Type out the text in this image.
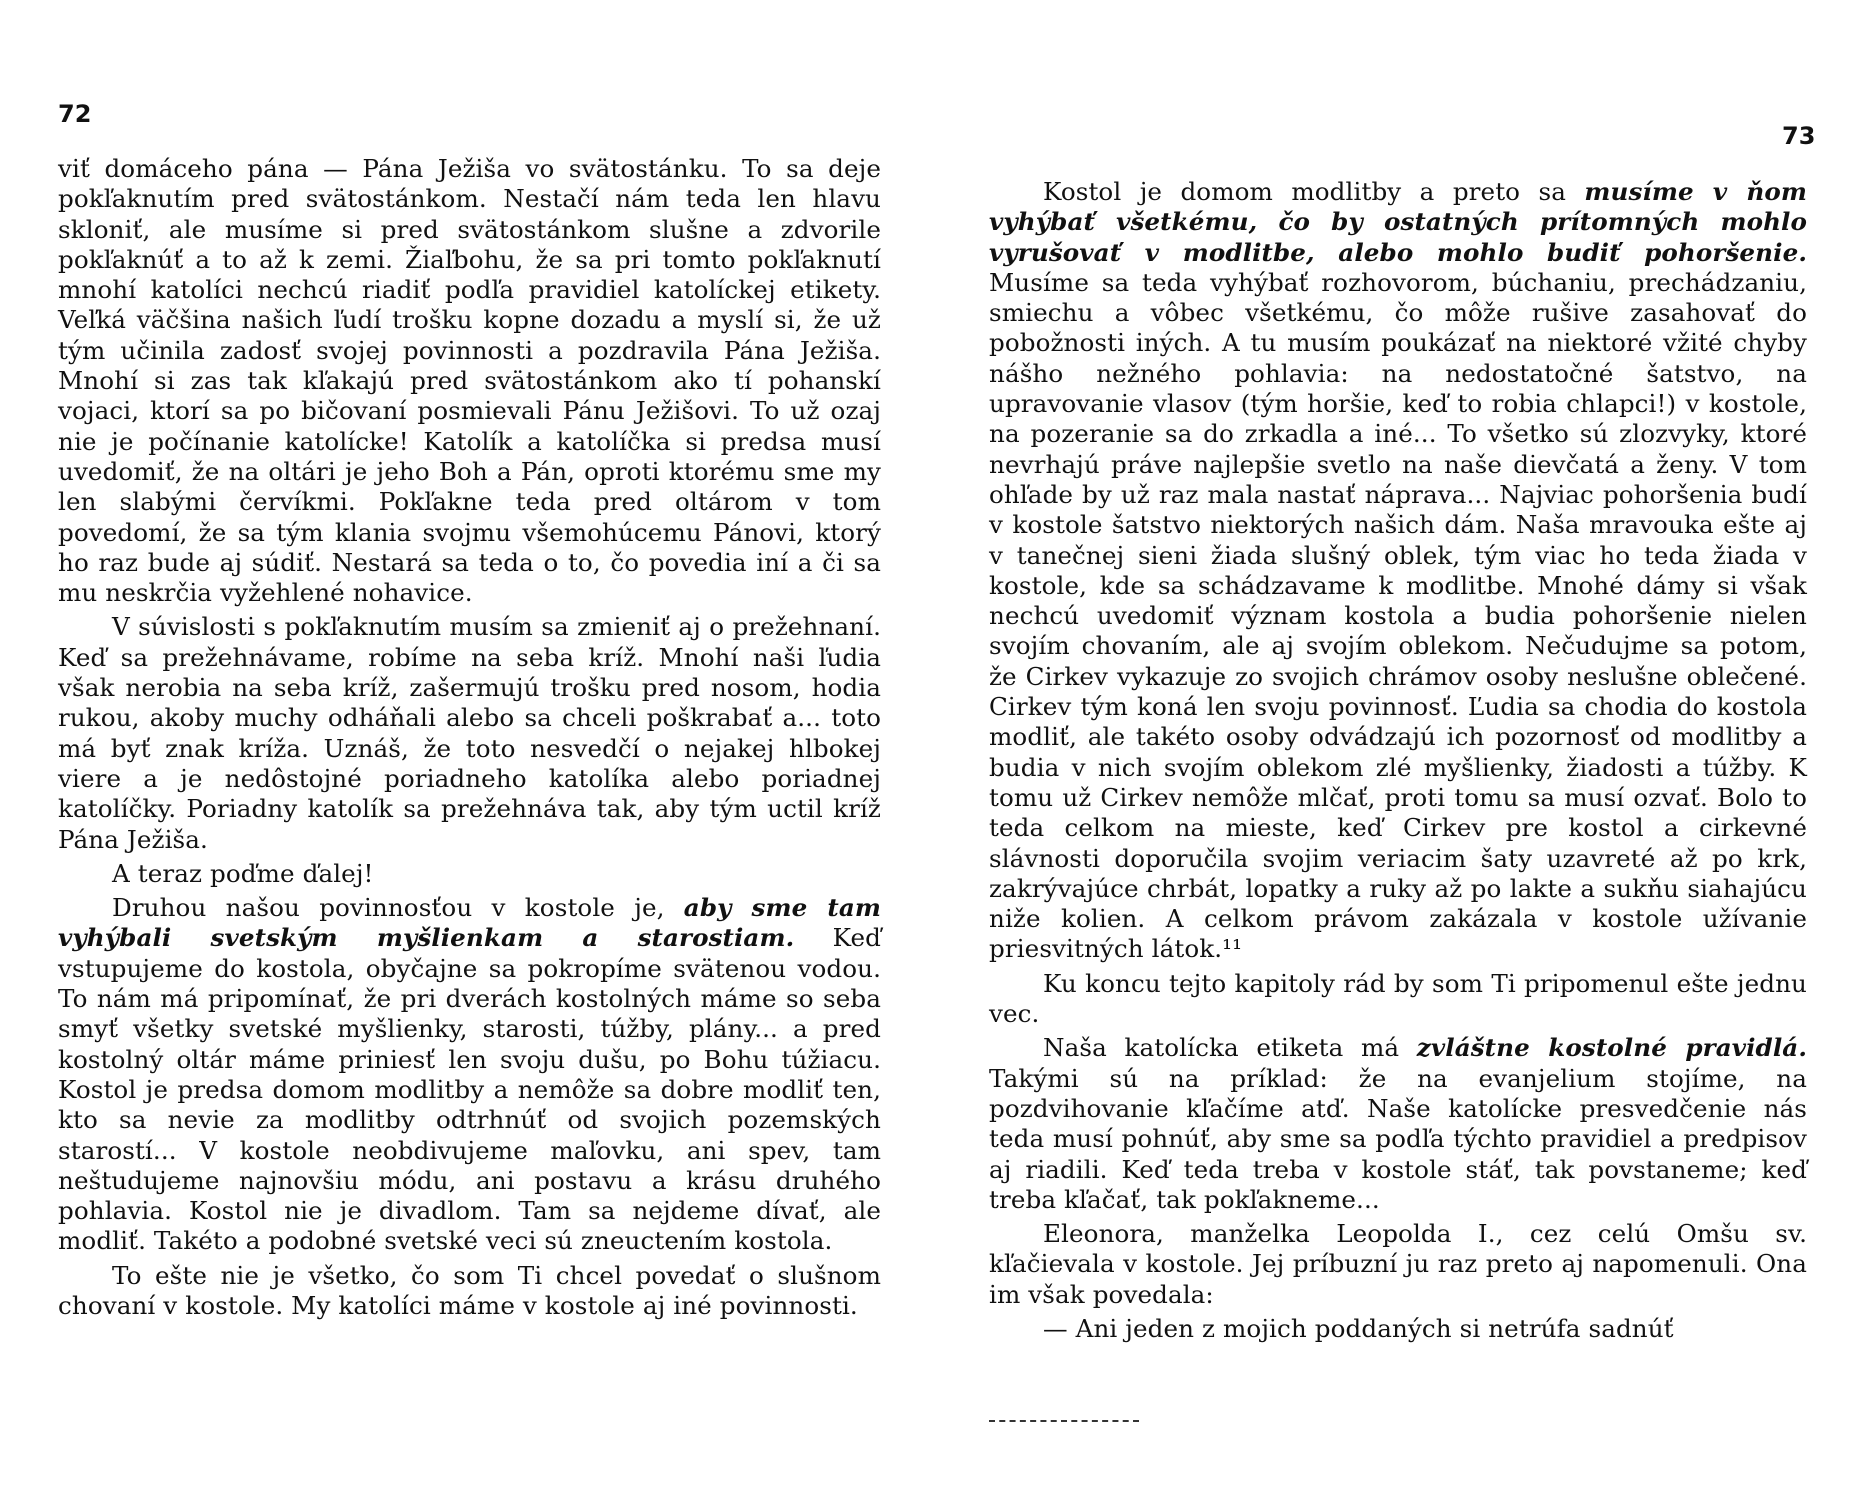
72

viť domáceho pána — Pána Ježiša vo svätostánku. To sa deje pokľaknutím pred svätostánkom. Nestačí nám teda len hlavu skloniť, ale musíme si pred svätostánkom slušne a zdvorile pokľaknúť a to až k zemi. Žiaľbohu, že sa pri tomto pokľaknutí mnohí katolíci nechcú riadiť podľa pravidiel katolíckej etikety. Veľká väčšina našich ľudí trošku kopne dozadu a myslí si, že už tým učinila zadosť svojej povinnosti a pozdravila Pána Ježiša. Mnohí si zas tak kľakajú pred svätostánkom ako tí pohanskí vojaci, ktorí sa po bičovaní posmievali Pánu Ježišovi. To už ozaj nie je počínanie katolícke! Katolík a katolíčka si predsa musí uvedomiť, že na oltári je jeho Boh a Pán, oproti ktorému sme my len slabými červíkmi. Pokľakne teda pred oltárom v tom povedomí, že sa tým klania svojmu všemohúcemu Pánovi, ktorý ho raz bude aj súdiť. Nestará sa teda o to, čo povedia iní a či sa mu neskrčia vyžehlené nohavice.

V súvislosti s pokľaknutím musím sa zmieniť aj o prežehnaní. Keď sa prežehnávame, robíme na seba kríž. Mnohí naši ľudia však nerobia na seba kríž, zašermujú trošku pred nosom, hodia rukou, akoby muchy odháňali alebo sa chceli poškrabať a... toto má byť znak kríža. Uznáš, že toto nesvedčí o nejakej hlbokej viere a je nedôstojné poriadneho katolíka alebo poriadnej katolíčky. Poriadny katolík sa prežehnáva tak, aby tým uctil kríž Pána Ježiša.

A teraz poďme ďalej!

Druhou našou povinnosťou v kostole je, aby sme tam vyhýbali svetským myšlienkam a starostiam. Keď vstupujeme do kostola, obyčajne sa pokropíme svätenou vodou. To nám má pripomínať, že pri dverách kostolných máme so seba smyť všetky svetské myšlienky, starosti, túžby, plány... a pred kostolný oltár máme priniesť len svoju dušu, po Bohu túžiacu. Kostol je predsa domom modlitby a nemôže sa dobre modliť ten, kto sa nevie za modlitby odtrhnúť od svojich pozemských starostí... V kostole neobdivujeme maľovku, ani spev, tam neštudujeme najnovšiu módu, ani postavu a krásu druhého pohlavia. Kostol nie je divadlom. Tam sa nejdeme dívať, ale modliť. Takéto a podobné svetské veci sú zneuctením kostola.

To ešte nie je všetko, čo som Ti chcel povedať o slušnom chovaní v kostole. My katolíci máme v kostole aj iné povinnosti.

73

Kostol je domom modlitby a preto sa musíme v ňom vyhýbať všetkému, čo by ostatných prítomných mohlo vyrušovať v modlitbe, alebo mohlo budiť pohoršenie. Musíme sa teda vyhýbať rozhovorom, búchaniu, prechádzaniu, smiechu a vôbec všetkému, čo môže rušive zasahovať do pobožnosti iných. A tu musím poukázať na niektoré vžité chyby nášho nežného pohlavia: na nedostatočné šatstvo, na upravovanie vlasov (tým horšie, keď to robia chlapci!) v kostole, na pozeranie sa do zrkadla a iné... To všetko sú zlozvyky, ktoré nevrhajú práve najlepšie svetlo na naše dievčatá a ženy. V tom ohľade by už raz mala nastať náprava... Najviac pohoršenia budí v kostole šatstvo niektorých našich dám. Naša mravouka ešte aj v tanečnej sieni žiada slušný oblek, tým viac ho teda žiada v kostole, kde sa schádzavame k modlitbe. Mnohé dámy si však nechcú uvedomiť význam kostola a budia pohoršenie nielen svojím chovaním, ale aj svojím oblekom. Nečudujme sa potom, že Cirkev vykazuje zo svojich chrámov osoby neslušne oblečené. Cirkev tým koná len svoju povinnosť. Ľudia sa chodia do kostola modliť, ale takéto osoby odvádzajú ich pozornosť od modlitby a budia v nich svojím oblekom zlé myšlienky, žiadosti a túžby. K tomu už Cirkev nemôže mlčať, proti tomu sa musí ozvať. Bolo to teda celkom na mieste, keď Cirkev pre kostol a cirkevné slávnosti doporučila svojim veriacim šaty uzavreté až po krk, zakrývajúce chrbát, lopatky a ruky až po lakte a sukňu siahajúcu niže kolien. A celkom právom zakázala v kostole užívanie priesvitných látok.¹¹

Ku koncu tejto kapitoly rád by som Ti pripomenul ešte jednu vec.

Naša katolícka etiketa má zvláštne kostolné pravidlá. Takými sú na príklad: že na evanjelium stojíme, na pozdvihovanie kľačíme atď. Naše katolícke presvedčenie nás teda musí pohnúť, aby sme sa podľa týchto pravidiel a predpisov aj riadili. Keď teda treba v kostole stáť, tak povstaneme; keď treba kľačať, tak pokľakneme...

Eleonora, manželka Leopolda I., cez celú Omšu sv. kľačievala v kostole. Jej príbuzní ju raz preto aj napomenuli. Ona im však povedala:

— Ani jeden z mojich poddaných si netrúfa sadnúť
